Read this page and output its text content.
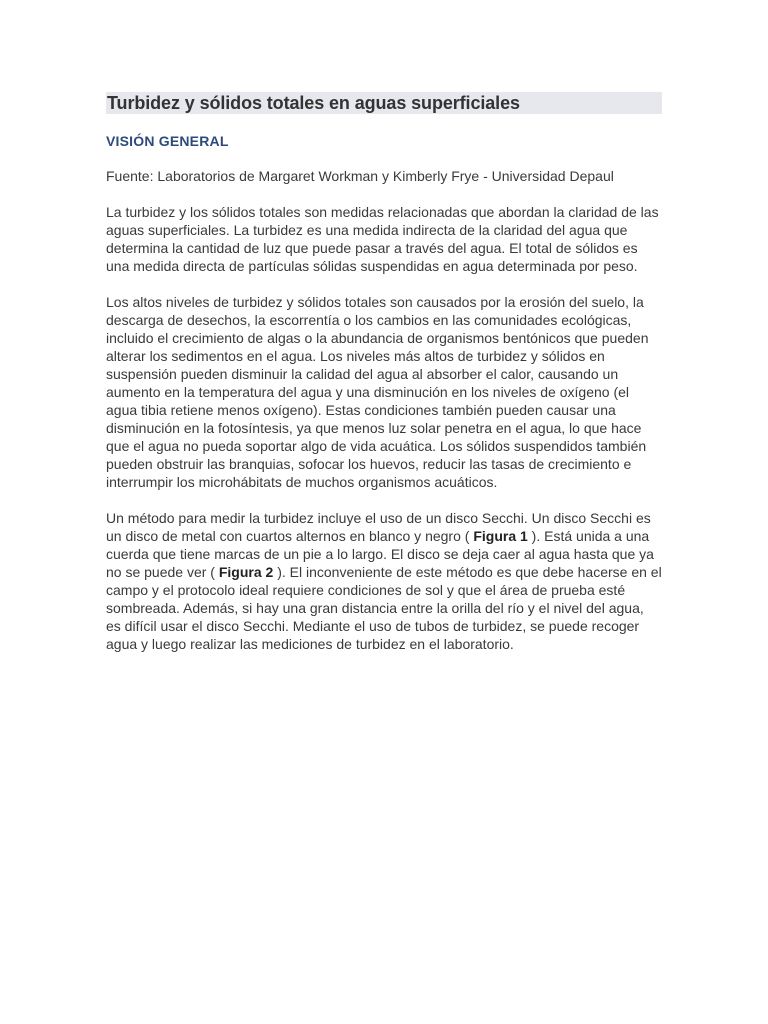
Turbidez y sólidos totales en aguas superficiales
VISIÓN GENERAL

Fuente: Laboratorios de Margaret Workman y Kimberly Frye - Universidad Depaul

La turbidez y los sólidos totales son medidas relacionadas que abordan la claridad de las aguas superficiales. La turbidez es una medida indirecta de la claridad del agua que determina la cantidad de luz que puede pasar a través del agua. El total de sólidos es una medida directa de partículas sólidas suspendidas en agua determinada por peso.

Los altos niveles de turbidez y sólidos totales son causados por la erosión del suelo, la descarga de desechos, la escorrentía o los cambios en las comunidades ecológicas, incluido el crecimiento de algas o la abundancia de organismos bentónicos que pueden alterar los sedimentos en el agua. Los niveles más altos de turbidez y sólidos en suspensión pueden disminuir la calidad del agua al absorber el calor, causando un aumento en la temperatura del agua y una disminución en los niveles de oxígeno (el agua tibia retiene menos oxígeno). Estas condiciones también pueden causar una disminución en la fotosíntesis, ya que menos luz solar penetra en el agua, lo que hace que el agua no pueda soportar algo de vida acuática. Los sólidos suspendidos también pueden obstruir las branquias, sofocar los huevos, reducir las tasas de crecimiento e interrumpir los microhábitats de muchos organismos acuáticos.

Un método para medir la turbidez incluye el uso de un disco Secchi. Un disco Secchi es un disco de metal con cuartos alternos en blanco y negro ( Figura 1 ). Está unida a una cuerda que tiene marcas de un pie a lo largo. El disco se deja caer al agua hasta que ya no se puede ver ( Figura 2 ). El inconveniente de este método es que debe hacerse en el campo y el protocolo ideal requiere condiciones de sol y que el área de prueba esté sombreada. Además, si hay una gran distancia entre la orilla del río y el nivel del agua, es difícil usar el disco Secchi. Mediante el uso de tubos de turbidez, se puede recoger agua y luego realizar las mediciones de turbidez en el laboratorio.
